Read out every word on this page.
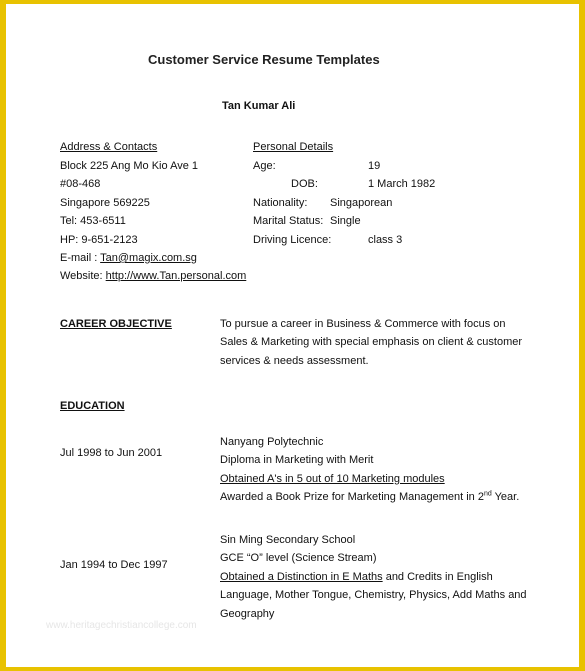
Customer Service Resume Templates
Tan Kumar Ali
Address & Contacts
Block 225 Ang Mo Kio Ave 1
#08-468
Singapore 569225
Tel: 453-6511
HP: 9-651-2123
E-mail : Tan@magix.com.sg
Website: http://www.Tan.personal.com
Personal Details
Age:	19
DOB:	1 March 1982
Nationality: Singaporean
Marital Status: Single
Driving Licence:	class 3
CAREER OBJECTIVE	To pursue a career in Business & Commerce with focus on
Sales & Marketing with special emphasis on client & customer
services & needs assessment.
EDUCATION
Jul 1998 to Jun 2001
Nanyang Polytechnic
Diploma in Marketing with Merit
Obtained A's in 5 out of 10 Marketing modules
Awarded a Book Prize for Marketing Management in 2nd Year.
Jan 1994 to Dec 1997
Sin Ming Secondary School
GCE “O” level (Science Stream)
Obtained a Distinction in E Maths and Credits in English
Language, Mother Tongue, Chemistry, Physics, Add Maths and
Geography
www.heritagechristiancollege.com
